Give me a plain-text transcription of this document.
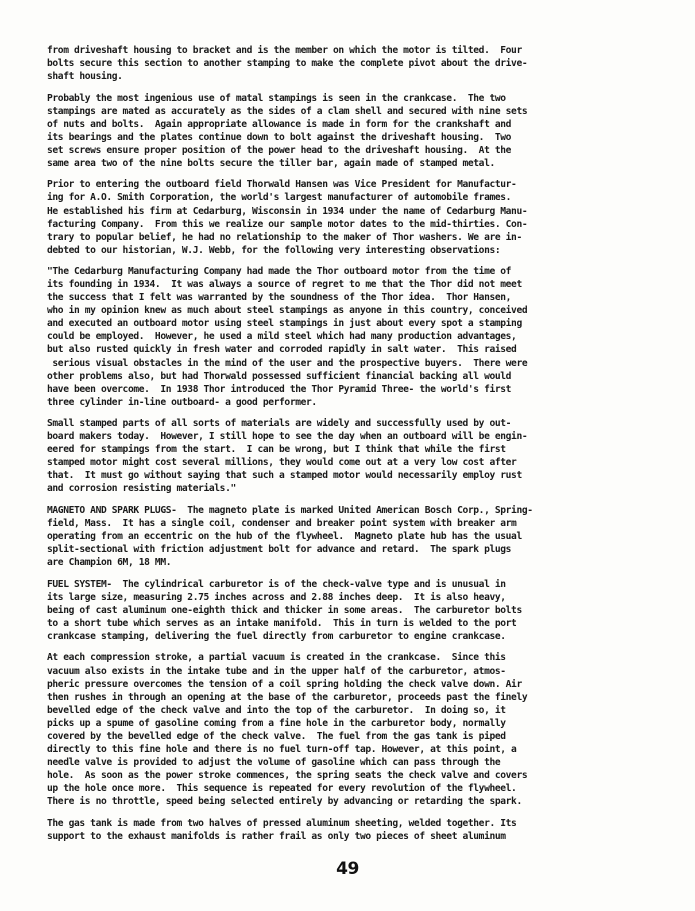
from driveshaft housing to bracket and is the member on which the motor is tilted.  Four
bolts secure this section to another stamping to make the complete pivot about the drive-
shaft housing.

Probably the most ingenious use of matal stampings is seen in the crankcase.  The two
stampings are mated as accurately as the sides of a clam shell and secured with nine sets
of nuts and bolts.  Again appropriate allowance is made in form for the crankshaft and
its bearings and the plates continue down to bolt against the driveshaft housing.  Two
set screws ensure proper position of the power head to the driveshaft housing.  At the
same area two of the nine bolts secure the tiller bar, again made of stamped metal.

Prior to entering the outboard field Thorwald Hansen was Vice President for Manufactur-
ing for A.O. Smith Corporation, the world's largest manufacturer of automobile frames.
He established his firm at Cedarburg, Wisconsin in 1934 under the name of Cedarburg Manu-
facturing Company.  From this we realize our sample motor dates to the mid-thirties. Con-
trary to popular belief, he had no relationship to the maker of Thor washers. We are in-
debted to our historian, W.J. Webb, for the following very interesting observations:

"The Cedarburg Manufacturing Company had made the Thor outboard motor from the time of
its founding in 1934.  It was always a source of regret to me that the Thor did not meet
the success that I felt was warranted by the soundness of the Thor idea.  Thor Hansen,
who in my opinion knew as much about steel stampings as anyone in this country, conceived
and executed an outboard motor using steel stampings in just about every spot a stamping
could be employed.  However, he used a mild steel which had many production advantages,
but also rusted quickly in fresh water and corroded rapidly in salt water.  This raised
serious visual obstacles in the mind of the user and the prospective buyers.  There were
other problems also, but had Thorwald possessed sufficient financial backing all would
have been overcome.  In 1938 Thor introduced the Thor Pyramid Three- the world's first
three cylinder in-line outboard- a good performer.

Small stamped parts of all sorts of materials are widely and successfully used by out-
board makers today.  However, I still hope to see the day when an outboard will be engin-
eered for stampings from the start.  I can be wrong, but I think that while the first
stamped motor might cost several millions, they would come out at a very low cost after
that.  It must go without saying that such a stamped motor would necessarily employ rust
and corrosion resisting materials."

MAGNETO AND SPARK PLUGS-  The magneto plate is marked United American Bosch Corp., Spring-
field, Mass.  It has a single coil, condenser and breaker point system with breaker arm
operating from an eccentric on the hub of the flywheel.  Magneto plate hub has the usual
split-sectional with friction adjustment bolt for advance and retard.  The spark plugs
are Champion 6M, 18 MM.

FUEL SYSTEM-  The cylindrical carburetor is of the check-valve type and is unusual in
its large size, measuring 2.75 inches across and 2.88 inches deep.  It is also heavy,
being of cast aluminum one-eighth thick and thicker in some areas.  The carburetor bolts
to a short tube which serves as an intake manifold.  This in turn is welded to the port
crankcase stamping, delivering the fuel directly from carburetor to engine crankcase.

At each compression stroke, a partial vacuum is created in the crankcase.  Since this
vacuum also exists in the intake tube and in the upper half of the carburetor, atmos-
pheric pressure overcomes the tension of a coil spring holding the check valve down. Air
then rushes in through an opening at the base of the carburetor, proceeds past the finely
bevelled edge of the check valve and into the top of the carburetor.  In doing so, it
picks up a spume of gasoline coming from a fine hole in the carburetor body, normally
covered by the bevelled edge of the check valve.  The fuel from the gas tank is piped
directly to this fine hole and there is no fuel turn-off tap. However, at this point, a
needle valve is provided to adjust the volume of gasoline which can pass through the
hole.  As soon as the power stroke commences, the spring seats the check valve and covers
up the hole once more.  This sequence is repeated for every revolution of the flywheel.
There is no throttle, speed being selected entirely by advancing or retarding the spark.

The gas tank is made from two halves of pressed aluminum sheeting, welded together. Its
support to the exhaust manifolds is rather frail as only two pieces of sheet aluminum

49
